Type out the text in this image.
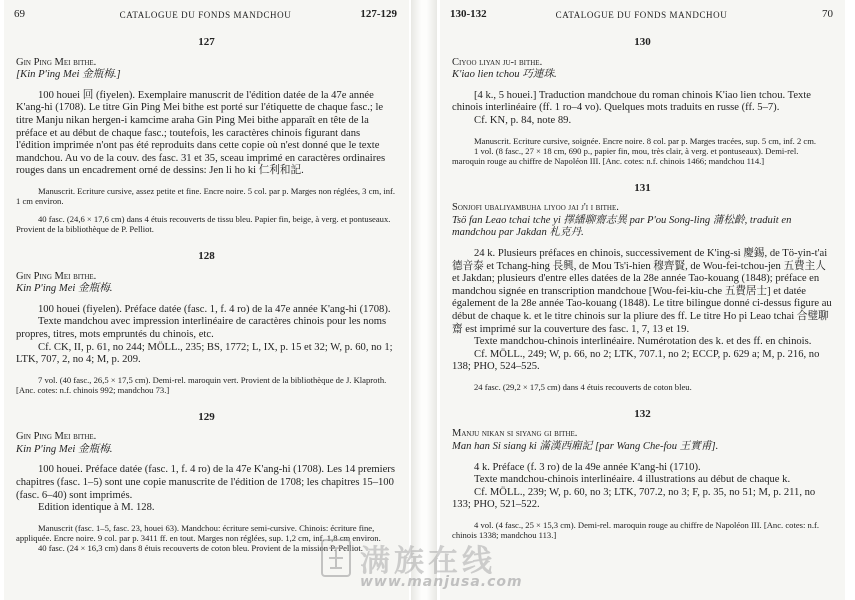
69	CATALOGUE DU FONDS MANDCHOU	127-129
127

Gin Ping Mei bithe.

[Kin P'ing Mei 金瓶梅.]

100 houei 回 (fiyelen). Exemplaire manuscrit de l'édition datée de la 47e année K'ang-hi (1708). Le titre Gin Ping Mei bithe est porté sur l'étiquette de chaque fasc.; le titre Manju nikan hergen-i kamcime araha Gin Ping Mei bithe apparaît en tête de la préface et au début de chaque fasc.; toutefois, les caractères chinois figurant dans l'édition imprimée n'ont pas été reproduits dans cette copie où n'est donné que le texte mandchou. Au vo de la couv. des fasc. 31 et 35, sceau imprimé en caractères ordinaires rouges dans un encadrement orné de dessins: Jen li ho ki 仁利和記.

Manuscrit. Ecriture cursive, assez petite et fine. Encre noire. 5 col. par p. Marges non réglées, 3 cm, inf. 1 cm environ.

40 fasc. (24,6 × 17,6 cm) dans 4 étuis recouverts de tissu bleu. Papier fin, beige, à verg. et pontuseaux. Provient de la bibliothèque de P. Pelliot.

128

Gin Ping Mei bithe.

Kin P'ing Mei 金瓶梅.

100 houei (fiyelen). Préface datée (fasc. 1, f. 4 ro) de la 47e année K'ang-hi (1708).

Texte mandchou avec impression interlinéaire de caractères chinois pour les noms propres, titres, mots empruntés du chinois, etc.

Cf. CK, II, p. 61, no 244; MÖLL., 235; BS, 1772; L, IX, p. 15 et 32; W, p. 60, no 1; LTK, 707, 2, no 4; M, p. 209.

7 vol. (40 fasc., 26,5 × 17,5 cm). Demi-rel. maroquin vert. Provient de la bibliothèque de J. Klaproth. [Anc. cotes: n.f. chinois 992; mandchou 73.]

129

Gin Ping Mei bithe.

Kin P'ing Mei 金瓶梅.

100 houei. Préface datée (fasc. 1, f. 4 ro) de la 47e K'ang-hi (1708). Les 14 premiers chapitres (fasc. 1–5) sont une copie manuscrite de l'édition de 1708; les chapitres 15–100 (fasc. 6–40) sont imprimés.

Edition identique à M. 128.

Manuscrit (fasc. 1–5, fasc. 23, houei 63). Mandchou: écriture semi-cursive. Chinois: écriture fine, appliquée. Encre noire. 9 col. par p. 3411 ff. en tout. Marges non réglées, sup. 1,2 cm, inf. 1,8 cm environ.

40 fasc. (24 × 16,3 cm) dans 8 étuis recouverts de coton bleu. Provient de la mission P. Pelliot.

130-132	CATALOGUE DU FONDS MANDCHOU	70
130

Ciyoo liyan ju-i bithe.

K'iao lien tchou 巧連珠.

[4 k., 5 houei.] Traduction mandchoue du roman chinois K'iao lien tchou. Texte chinois interlinéaire (ff. 1 ro–4 vo). Quelques mots traduits en russe (ff. 5–7).

Cf. KN, p. 84, note 89.

Manuscrit. Ecriture cursive, soignée. Encre noire. 8 col. par p. Marges tracées, sup. 5 cm, inf. 2 cm.

1 vol. (8 fasc., 27 × 18 cm, 690 p., papier fin, mou, très clair, à verg. et pontuseaux). Demi-rel. maroquin rouge au chiffre de Napoléon III. [Anc. cotes: n.f. chinois 1466; mandchou 114.]

131

Sonjofi ubaliyambuha liyoo jai j'i i bithe.

Tsö fan Leao tchai tche yi 擇繙聊齋志異 par P'ou Song-ling 蒲松齡, traduit en mandchou par Jakdan 札克丹.

24 k. Plusieurs préfaces en chinois, successivement de K'ing-si 慶錫, de Tö-yin-t'ai 德音泰 et Tchang-hing 長興, de Mou Ts'i-hien 穆齊賢, de Wou-fei-tchou-jen 五費主人 et Jakdan; plusieurs d'entre elles datées de la 28e année Tao-kouang (1848); préface en mandchou signée en transcription mandchoue [Wou-fei-kiu-che 五費居士] et datée également de la 28e année Tao-kouang (1848). Le titre bilingue donné ci-dessus figure au début de chaque k. et le titre chinois sur la pliure des ff. Le titre Ho pi Leao tchai 合璧聊齋 est imprimé sur la couverture des fasc. 1, 7, 13 et 19.

Texte mandchou-chinois interlinéaire. Numérotation des k. et des ff. en chinois.

Cf. MÖLL., 249; W, p. 66, no 2; LTK, 707.1, no 2; ECCP, p. 629 a; M, p. 216, no 138; PHO, 524–525.

24 fasc. (29,2 × 17,5 cm) dans 4 étuis recouverts de coton bleu.

132

Manju nikan si siyang gi bithe.

Man han Si siang ki 滿漢西廂記 [par Wang Che-fou 王實甫].

4 k. Préface (f. 3 ro) de la 49e année K'ang-hi (1710).

Texte mandchou-chinois interlinéaire. 4 illustrations au début de chaque k.

Cf. MÖLL., 239; W, p. 60, no 3; LTK, 707.2, no 3; F, p. 35, no 51; M, p. 211, no 133; PHO, 521–522.

4 vol. (4 fasc., 25 × 15,3 cm). Demi-rel. maroquin rouge au chiffre de Napoléon III. [Anc. cotes: n.f. chinois 1338; mandchou 113.]

满族在线
www.manjusa.com
